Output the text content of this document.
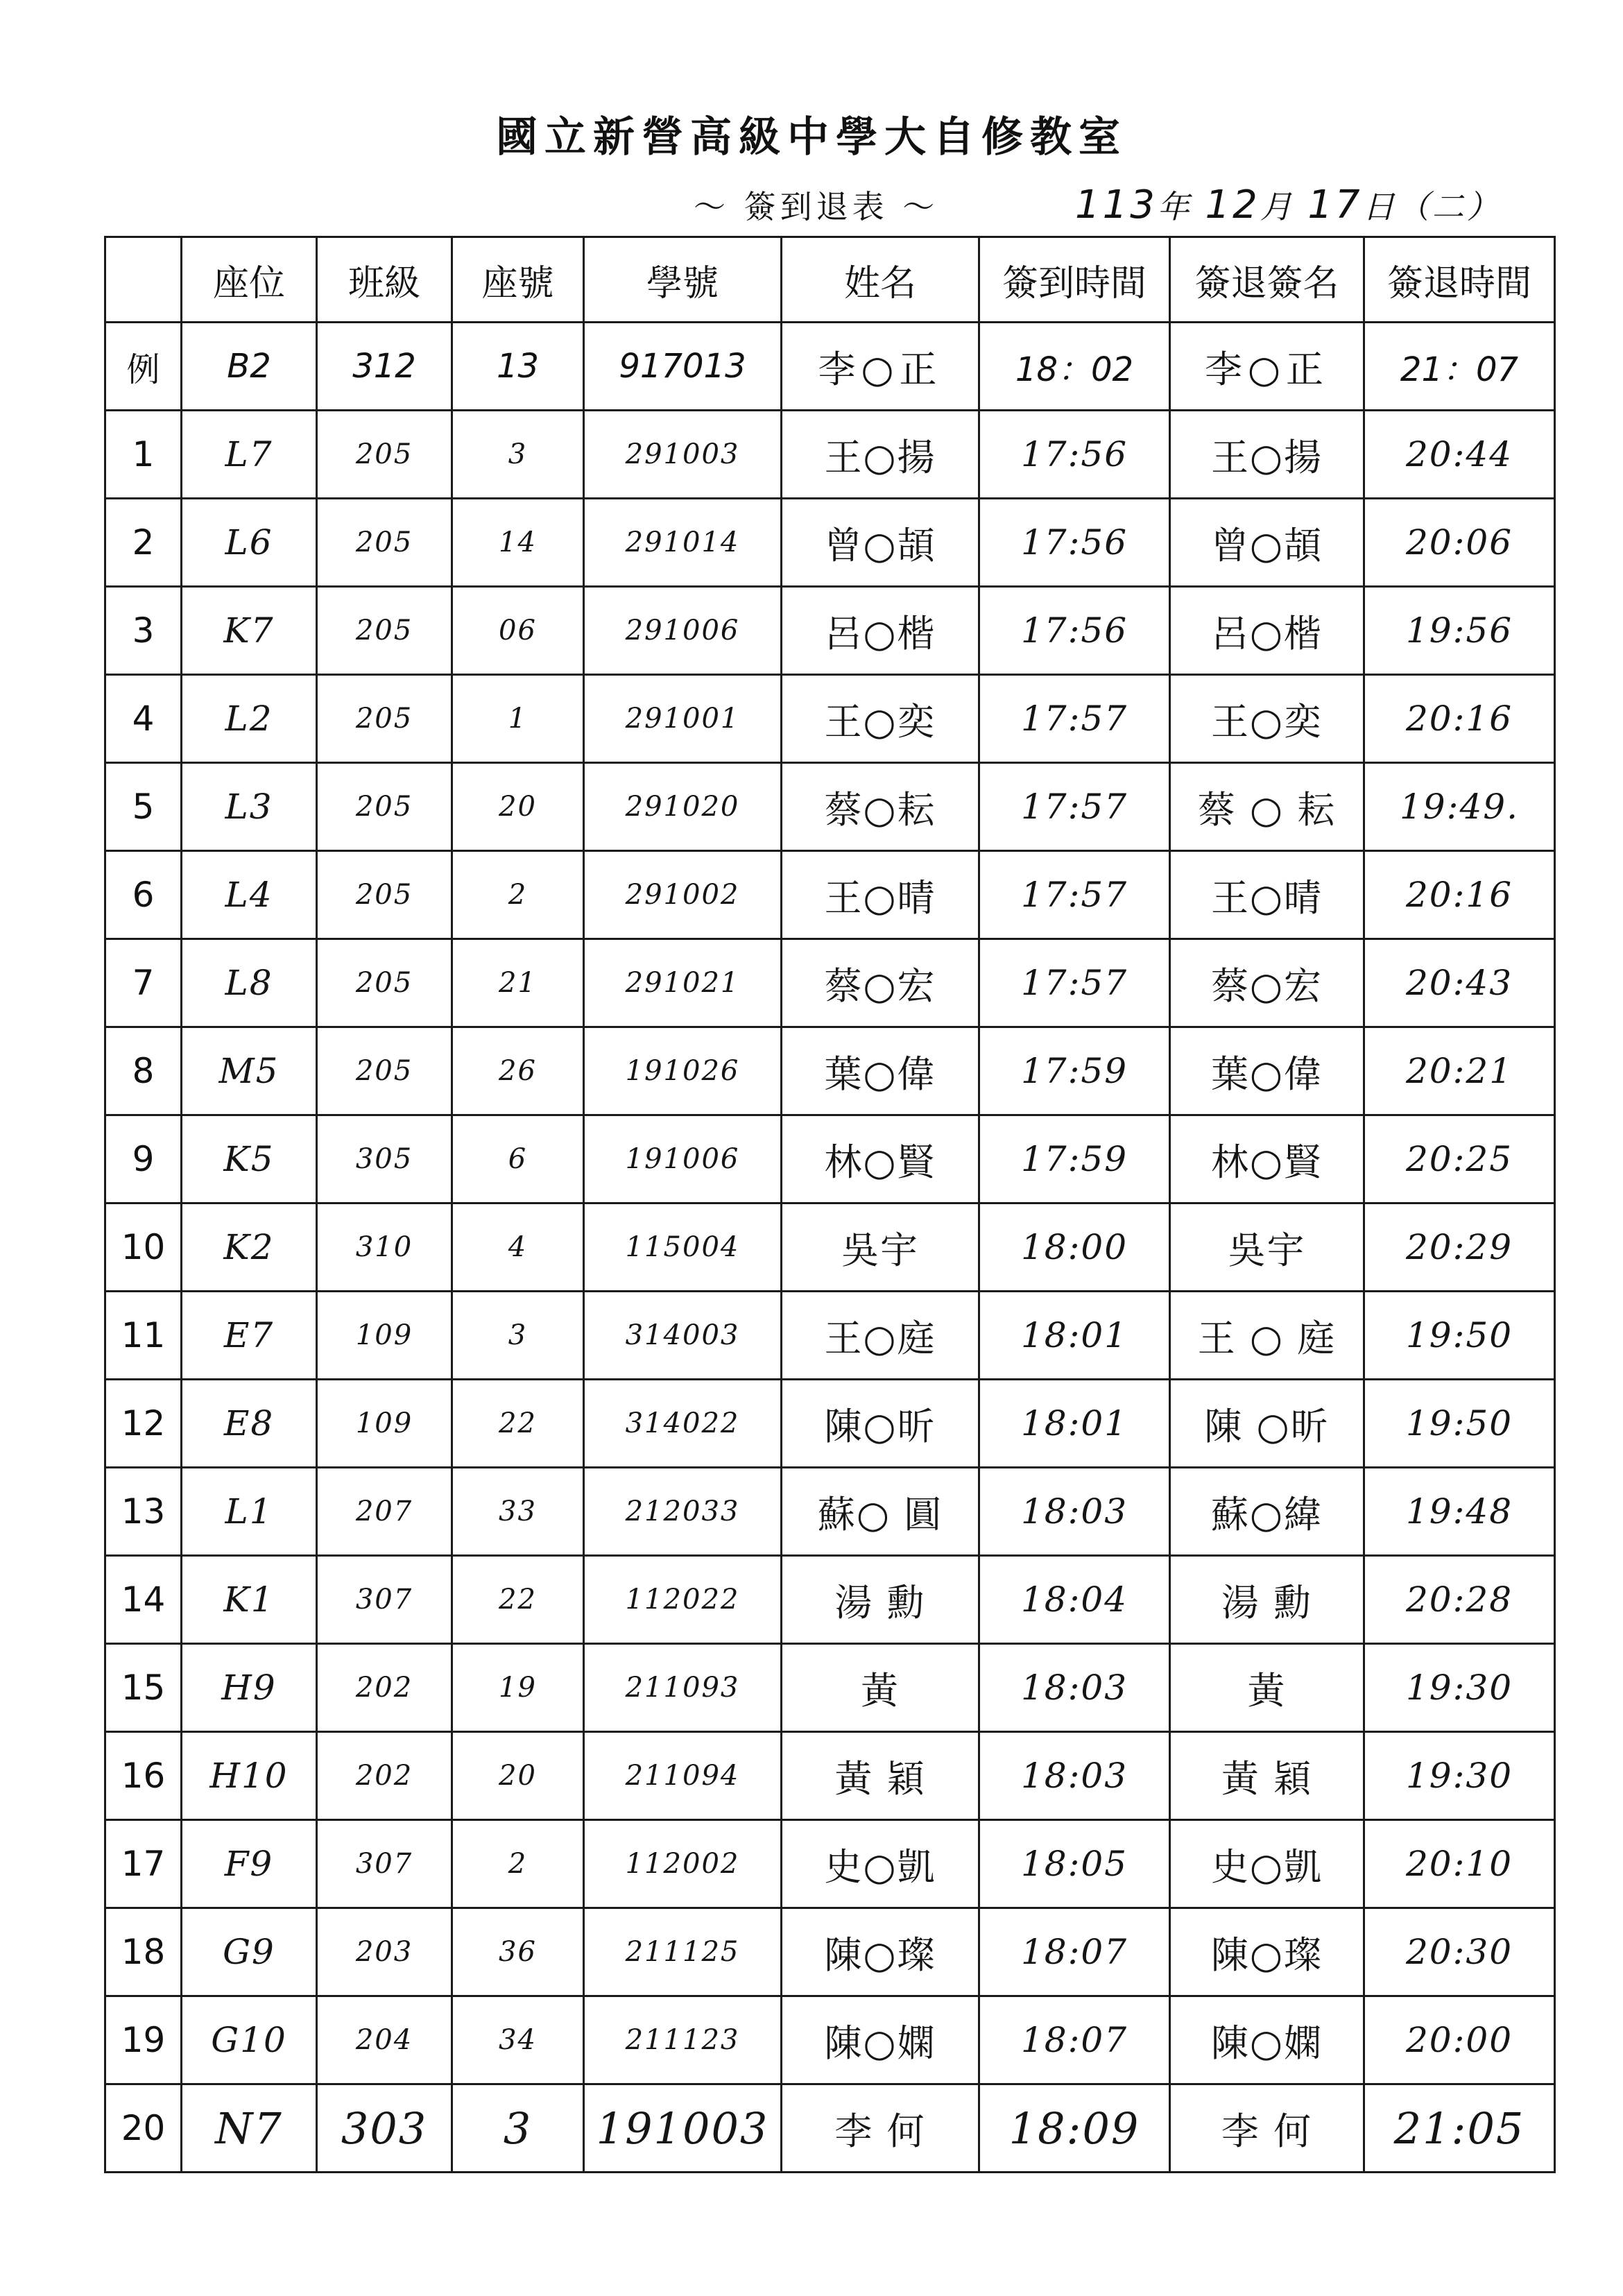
國立新營高級中學大自修教室
～ 簽到退表 ～	113年 12月 17日（二）
	座位	班級	座號	學號	姓名	簽到時間	簽退簽名	簽退時間
例	B2	312	13	917013	李○正	18：02	李○正	21：07
1	L7	205	3	291003	王○揚	17:56	王○揚	20:44
2	L6	205	14	291014	曾○頡	17:56	曾○頡	20:06
3	K7	205	06	291006	呂○楷	17:56	呂○楷	19:56
4	L2	205	1	291001	王○奕	17:57	王○奕	20:16
5	L3	205	20	291020	蔡○耘	17:57	蔡 ○ 耘	19:49.
6	L4	205	2	291002	王○晴	17:57	王○晴	20:16
7	L8	205	21	291021	蔡○宏	17:57	蔡○宏	20:43
8	M5	205	26	191026	葉○偉	17:59	葉○偉	20:21
9	K5	305	6	191006	林○賢	17:59	林○賢	20:25
10	K2	310	4	115004	吳宇	18:00	吳宇	20:29
11	E7	109	3	314003	王○庭	18:01	王 ○ 庭	19:50
12	E8	109	22	314022	陳○昕	18:01	陳 ○昕	19:50
13	L1	207	33	212033	蘇○ 圓	18:03	蘇○緯	19:48
14	K1	307	22	112022	湯 勳	18:04	湯 勳	20:28
15	H9	202	19	211093	黃	18:03	黃	19:30
16	H10	202	20	211094	黃 穎	18:03	黃 穎	19:30
17	F9	307	2	112002	史○凱	18:05	史○凱	20:10
18	G9	203	36	211125	陳○璨	18:07	陳○璨	20:30
19	G10	204	34	211123	陳○嫻	18:07	陳○嫻	20:00
20	N7	303	3	191003	李 何	18:09	李 何	21:05
